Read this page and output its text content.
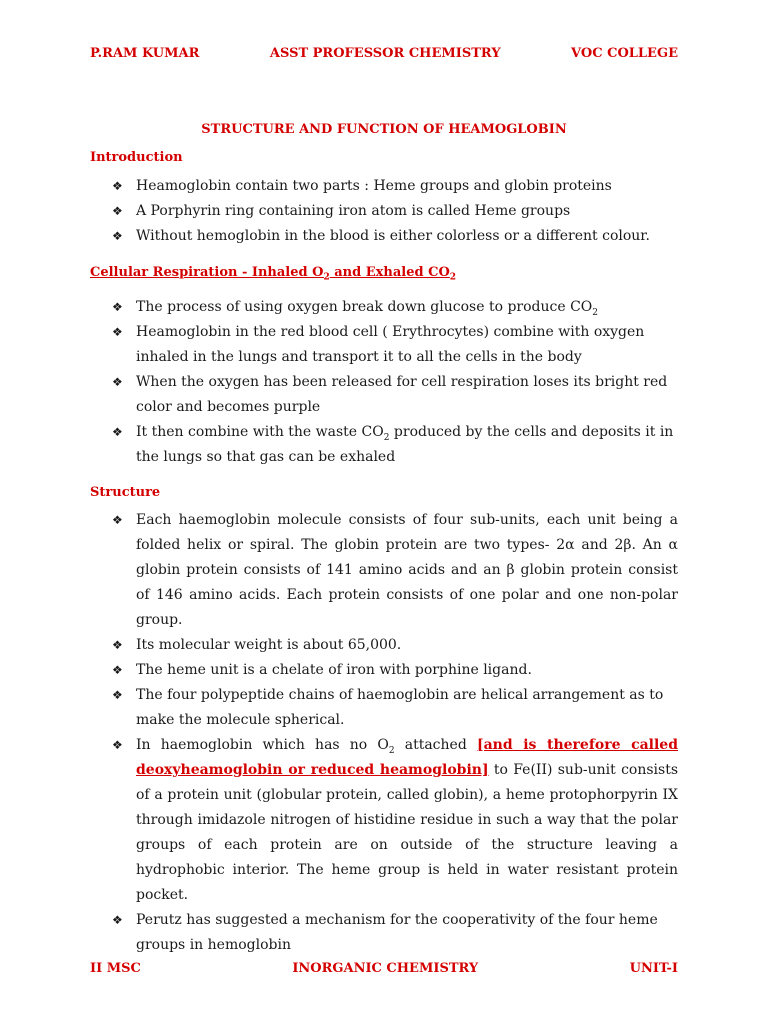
P.RAM KUMAR	ASST PROFESSOR CHEMISTRY	VOC COLLEGE
STRUCTURE AND FUNCTION OF HEAMOGLOBIN
Introduction
❖ Heamoglobin contain two parts : Heme groups and globin proteins
❖ A Porphyrin ring containing iron atom is called Heme groups
❖ Without hemoglobin in the blood is either colorless or a different colour.
Cellular Respiration - Inhaled $O_2$ and Exhaled $CO_2$
❖ The process of using oxygen break down glucose to produce $CO_2$
❖ Heamoglobin in the red blood cell ( Erythrocytes) combine with oxygen inhaled in the lungs and transport it to all the cells in the body
❖ When the oxygen has been released for cell respiration loses its bright red color and becomes purple
❖ It then combine with the waste $CO_2$ produced by the cells and deposits it in the lungs so that gas can be exhaled
Structure
❖ Each haemoglobin molecule consists of four sub-units, each unit being a folded helix or spiral. The globin protein are two types- 2α and 2β. An α globin protein consists of 141 amino acids and an β globin protein consist of 146 amino acids. Each protein consists of one polar and one non-polar group.
❖ Its molecular weight is about 65,000.
❖ The heme unit is a chelate of iron with porphine ligand.
❖ The four polypeptide chains of haemoglobin are helical arrangement as to make the molecule spherical.
❖ In haemoglobin which has no $O_2$ attached [and is therefore called deoxyheamoglobin or reduced heamoglobin] to Fe(II) sub-unit consists of a protein unit (globular protein, called globin), a heme protophorpyrin IX through imidazole nitrogen of histidine residue in such a way that the polar groups of each protein are on outside of the structure leaving a hydrophobic interior. The heme group is held in water resistant protein pocket.
❖ Perutz has suggested a mechanism for the cooperativity of the four heme groups in hemoglobin
II MSC	INORGANIC CHEMISTRY	UNIT-I
